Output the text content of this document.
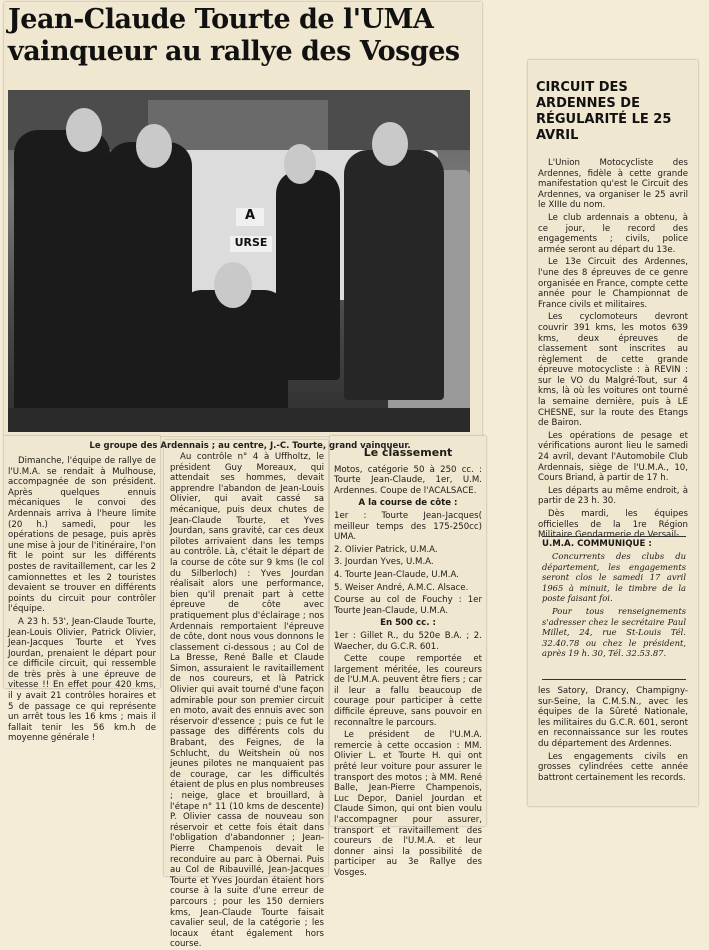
Jean-Claude Tourte de l'UMA vainqueur au rallye des Vosges
A
URSE
Le groupe des Ardennais ; au centre, J.-C. Tourte, grand vainqueur.

Dimanche, l'équipe de rallye de l'U.M.A. se rendait à Mulhouse, accompagnée de son président. Après quelques ennuis mécaniques le convoi des Ardennais arriva à l'heure limite (20 h.) samedi, pour les opérations de pesage, puis après une mise à jour de l'itinéraire, l'on fit le point sur les différents postes de ravitaillement, car les 2 camionnettes et les 2 touristes devaient se trouver en différents points du circuit pour contrôler l'équipe.

A 23 h. 53', Jean-Claude Tourte, Jean-Louis Olivier, Patrick Olivier, Jean-Jacques Tourte et Yves Jourdan, prenaient le départ pour ce difficile circuit, qui ressemble de très près à une épreuve de vitesse !! En effet pour 420 kms, il y avait 21 contrôles horaires et 5 de passage ce qui représente un arrêt tous les 16 kms ; mais il fallait tenir les 56 km.h de moyenne générale !

Au contrôle n° 4 à Uffholtz, le président Guy Moreaux, qui attendait ses hommes, devait apprendre l'abandon de Jean-Louis Olivier, qui avait cassé sa mécanique, puis deux chutes de Jean-Claude Tourte, et Yves Jourdan, sans gravité, car ces deux pilotes arrivaient dans les temps au contrôle. Là, c'était le départ de la course de côte sur 9 kms (le col du Silberloch) : Yves Jourdan réalisait alors une performance, bien qu'il prenait part à cette épreuve de côte avec pratiquement plus d'éclairage ; nos Ardennais remportaient l'épreuve de côte, dont nous vous donnons le classement ci-dessous ; au Col de La Bresse, René Balle et Claude Simon, assuraient le ravitaillement de nos coureurs, et là Patrick Olivier qui avait tourné d'une façon admirable pour son premier circuit en moto, avait des ennuis avec son réservoir d'essence ; puis ce fut le passage des différents cols du Brabant, des Feignes, de la Schlucht, du Weitshein où nos jeunes pilotes ne manquaient pas de courage, car les difficultés étaient de plus en plus nombreuses ; neige, glace et brouillard, à l'étape n° 11 (10 kms de descente) P. Olivier cassa de nouveau son réservoir et cette fois était dans l'obligation d'abandonner ; Jean-Pierre Champenois devait le reconduire au parc à Obernai. Puis au Col de Ribauvillé, Jean-Jacques Tourte et Yves Jourdan étaient hors course à la suite d'une erreur de parcours ; pour les 150 derniers kms, Jean-Claude Tourte faisait cavalier seul, de la catégorie ; les locaux étant également hors course.

Le classement

Motos, catégorie 50 à 250 cc. : Tourte Jean-Claude, 1er, U.M. Ardennes. Coupe de l'ACALSACE.

A la course de côte :

1er : Tourte Jean-Jacques( meilleur temps des 175-250cc) UMA.

2. Olivier Patrick, U.M.A.

3. Jourdan Yves, U.M.A.

4. Tourte Jean-Claude, U.M.A.

5. Weiser André, A.M.C. Alsace.

Course au col de Fouchy : 1er Tourte Jean-Claude, U.M.A.

En 500 cc. :

1er : Gillet R., du 520e B.A. ; 2. Waecher, du G.C.R. 601.

Cette coupe remportée et largement méritée, les coureurs de l'U.M.A. peuvent être fiers ; car il leur a fallu beaucoup de courage pour participer à cette difficile épreuve, sans pouvoir en reconnaître le parcours.

Le président de l'U.M.A. remercie à cette occasion : MM. Olivier L. et Tourte H. qui ont prêté leur voiture pour assurer le transport des motos ; à MM. René Balle, Jean-Pierre Champenois, Luc Depor, Daniel Jourdan et Claude Simon, qui ont bien voulu l'accompagner pour assurer, transport et ravitaillement des coureurs de l'U.M.A. et leur donner ainsi la possibilité de participer au 3e Rallye des Vosges.

CIRCUIT DES ARDENNES DE RÉGULARITÉ LE 25 AVRIL

L'Union Motocycliste des Ardennes, fidèle à cette grande manifestation qu'est le Circuit des Ardennes, va organiser le 25 avril le XIIIe du nom.

Le club ardennais a obtenu, à ce jour, le record des engagements ; civils, police armée seront au départ du 13e.

Le 13e Circuit des Ardennes, l'une des 8 épreuves de ce genre organisée en France, compte cette année pour le Championnat de France civils et militaires.

Les cyclomoteurs devront couvrir 391 kms, les motos 639 kms, deux épreuves de classement sont inscrites au règlement de cette grande épreuve motocycliste : à REVIN : sur le VO du Malgré-Tout, sur 4 kms, là où les voitures ont tourné la semaine dernière, puis à LE CHESNE, sur la route des Etangs de Bairon.

Les opérations de pesage et vérifications auront lieu le samedi 24 avril, devant l'Automobile Club Ardennais, siège de l'U.M.A., 10, Cours Briand, à partir de 17 h.

Les départs au même endroit, à partir de 23 h. 30.

Dès mardi, les équipes officielles de la 1re Région Militaire Gendarmerie de Versail-

U.M.A. COMMUNIQUE :

Concurrents des clubs du département, les engagements seront clos le samedi 17 avril 1965 à minuit, le timbre de la poste faisant foi.

Pour tous renseignements s'adresser chez le secrétaire Paul Millet, 24, rue St-Louis Tél. 32.40.78 ou chez le président, après 19 h. 30, Tél. 32.53.87.

les Satory, Drancy, Champigny-sur-Seine, la C.M.S.N., avec les équipes de la Sûreté Nationale, les militaires du G.C.R. 601, seront en reconnaissance sur les routes du département des Ardennes.

Les engagements civils en grosses cylindrées cette année battront certainement les records.
